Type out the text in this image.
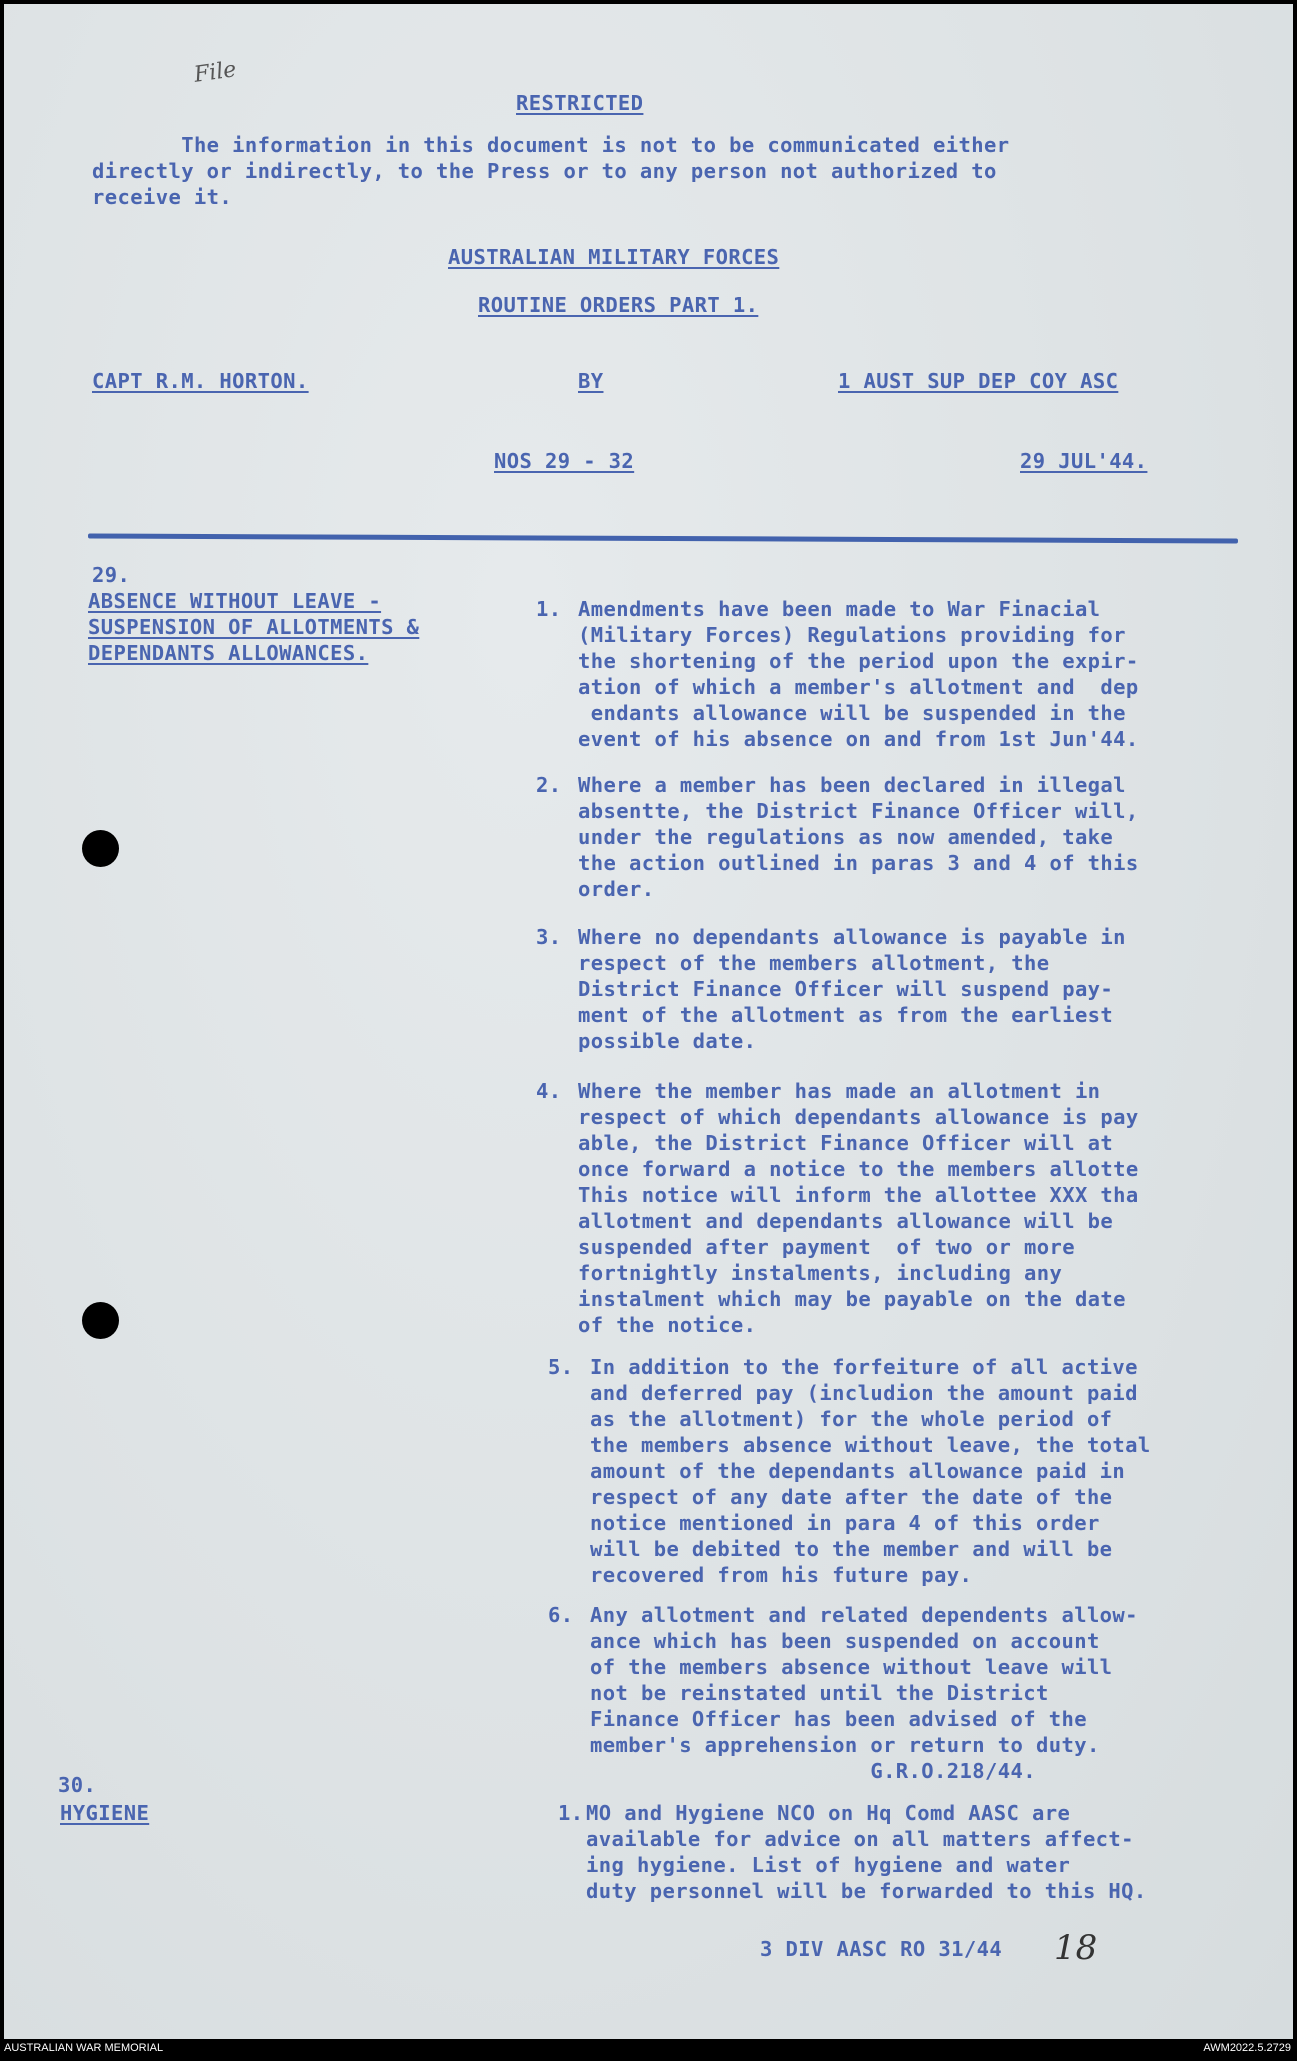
File
RESTRICTED
The information in this document is not to be communicated either
directly or indirectly, to the Press or to any person not authorized to
receive it.
AUSTRALIAN MILITARY FORCES
ROUTINE ORDERS PART 1.
CAPT R.M. HORTON.	BY	1 AUST SUP DEP COY ASC
NOS 29 - 32	29 JUL'44.
29.
ABSENCE WITHOUT LEAVE -
SUSPENSION OF ALLOTMENTS &
DEPENDANTS ALLOWANCES.
1. Amendments have been made to War Finacial
(Military Forces) Regulations providing for
the shortening of the period upon the expir-
ation of which a member's allotment and  dep
endants allowance will be suspended in the
event of his absence on and from 1st Jun'44.
2. Where a member has been declared in illegal
absentte, the District Finance Officer will,
under the regulations as now amended, take
the action outlined in paras 3 and 4 of this
order.
3. Where no dependants allowance is payable in
respect of the members allotment, the
District Finance Officer will suspend pay-
ment of the allotment as from the earliest
possible date.
4. Where the member has made an allotment in
respect of which dependants allowance is pay
able, the District Finance Officer will at
once forward a notice to the members allotte
This notice will inform the allottee XXX tha
allotment and dependants allowance will be
suspended after payment  of two or more
fortnightly instalments, including any
instalment which may be payable on the date
of the notice.
5. In addition to the forfeiture of all active
and deferred pay (includion the amount paid
as the allotment) for the whole period of
the members absence without leave, the total
amount of the dependants allowance paid in
respect of any date after the date of the
notice mentioned in para 4 of this order
will be debited to the member and will be
recovered from his future pay.
6. Any allotment and related dependents allow-
ance which has been suspended on account
of the members absence without leave will
not be reinstated until the District
Finance Officer has been advised of the
member's apprehension or return to duty.
G.R.O.218/44.
30.
HYGIENE	1. MO and Hygiene NCO on Hq Comd AASC are
available for advice on all matters affect-
ing hygiene. List of hygiene and water
duty personnel will be forwarded to this HQ.
3 DIV AASC RO 31/44 18
AUSTRALIAN WAR MEMORIAL	AWM2022.5.2729
